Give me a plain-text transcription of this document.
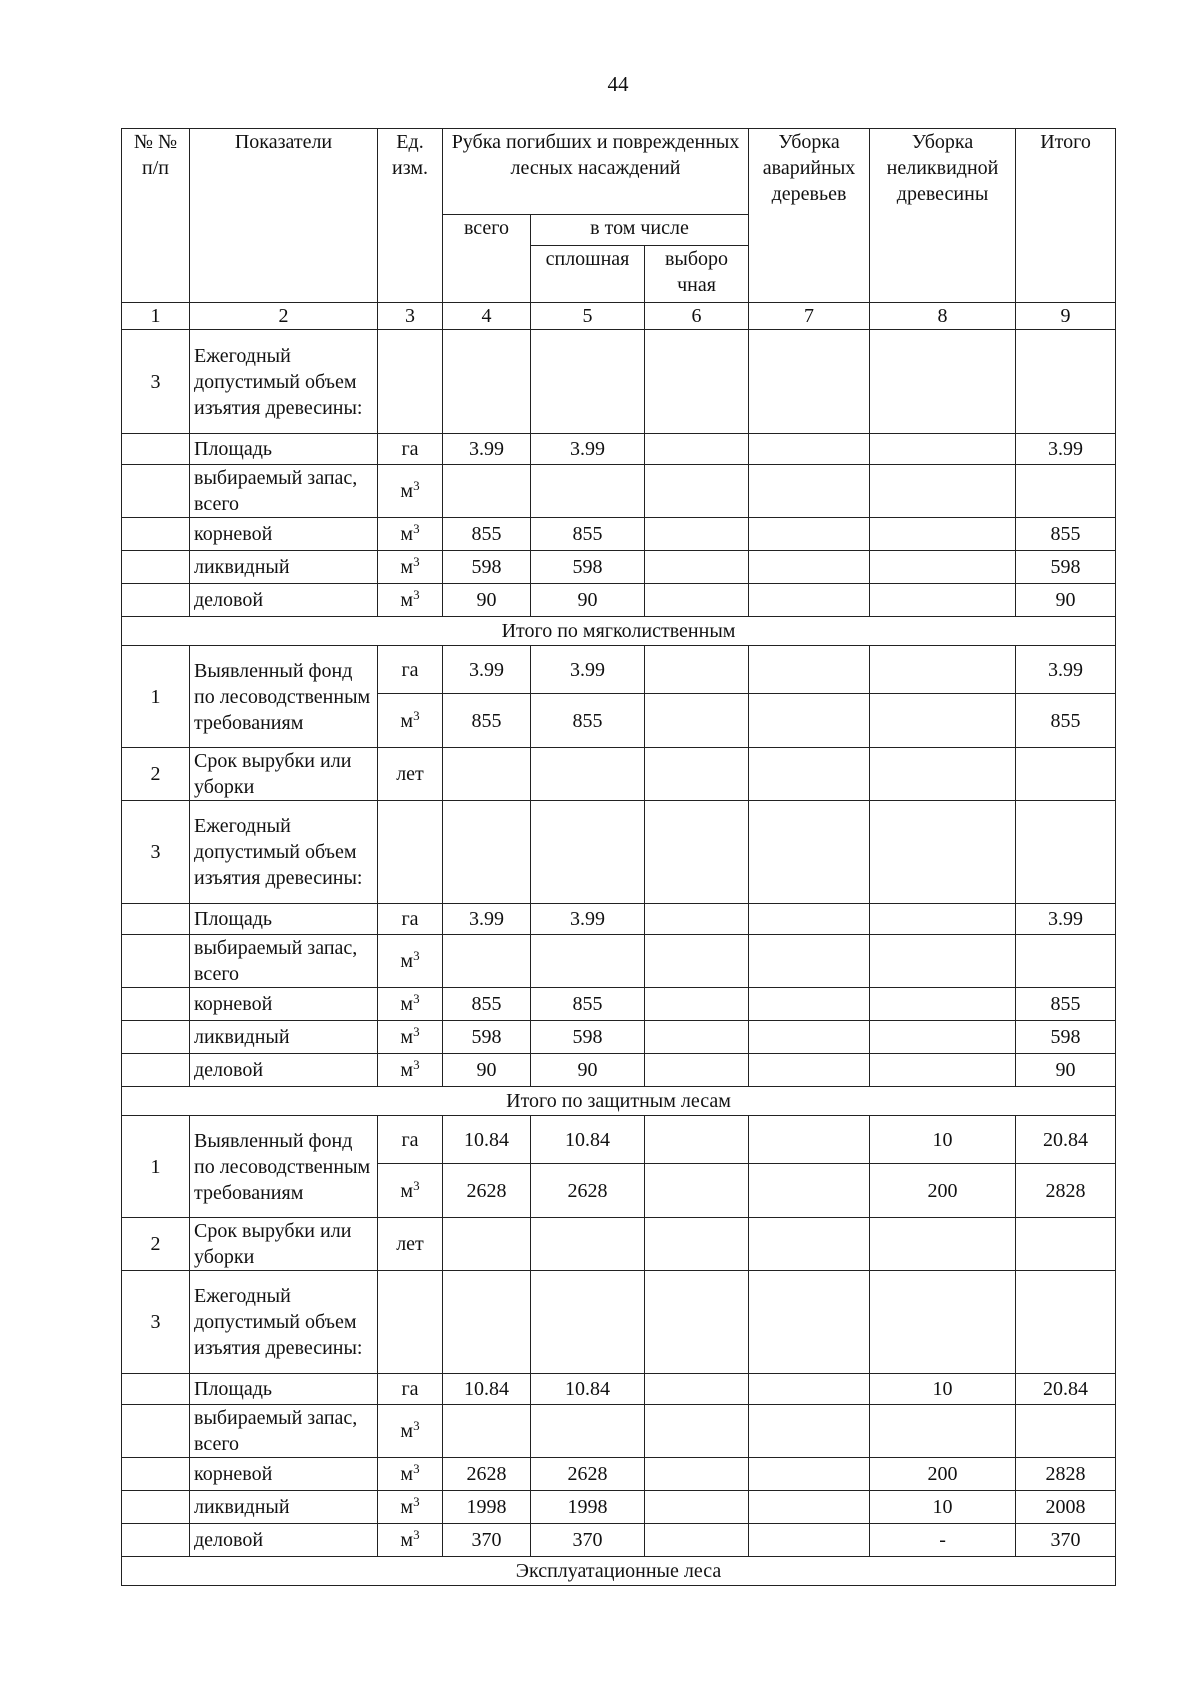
44
№ № п/п	Показатели	Ед. изм.	Рубка погибших и поврежденных лесных насаждений			Уборка аварийных деревьев	Уборка неликвидной древесины	Итого
			всего	в том числе				
				сплошная	выборо чная			
1	2	3	4	5	6	7	8	9
3	Ежегодный допустимый объем изъятия древесины:							
	Площадь	га	3.99	3.99				3.99
	выбираемый запас, всего	$м^3$						
	корневой	$м^3$	855	855				855
	ликвидный	$м^3$	598	598				598
	деловой	$м^3$	90	90				90
Итого по мягколиственным								
1	Выявленный фонд по лесоводственным требованиям	га	3.99	3.99				3.99
		$м^3$	855	855				855
2	Срок вырубки или уборки	лет						
3	Ежегодный допустимый объем изъятия древесины:							
	Площадь	га	3.99	3.99				3.99
	выбираемый запас, всего	$м^3$						
	корневой	$м^3$	855	855				855
	ликвидный	$м^3$	598	598				598
	деловой	$м^3$	90	90				90
Итого по защитным лесам								
1	Выявленный фонд по лесоводственным требованиям	га	10.84	10.84			10	20.84
		$м^3$	2628	2628			200	2828
2	Срок вырубки или уборки	лет						
3	Ежегодный допустимый объем изъятия древесины:							
	Площадь	га	10.84	10.84			10	20.84
	выбираемый запас, всего	$м^3$						
	корневой	$м^3$	2628	2628			200	2828
	ликвидный	$м^3$	1998	1998			10	2008
	деловой	$м^3$	370	370			-	370
Эксплуатационные леса								
